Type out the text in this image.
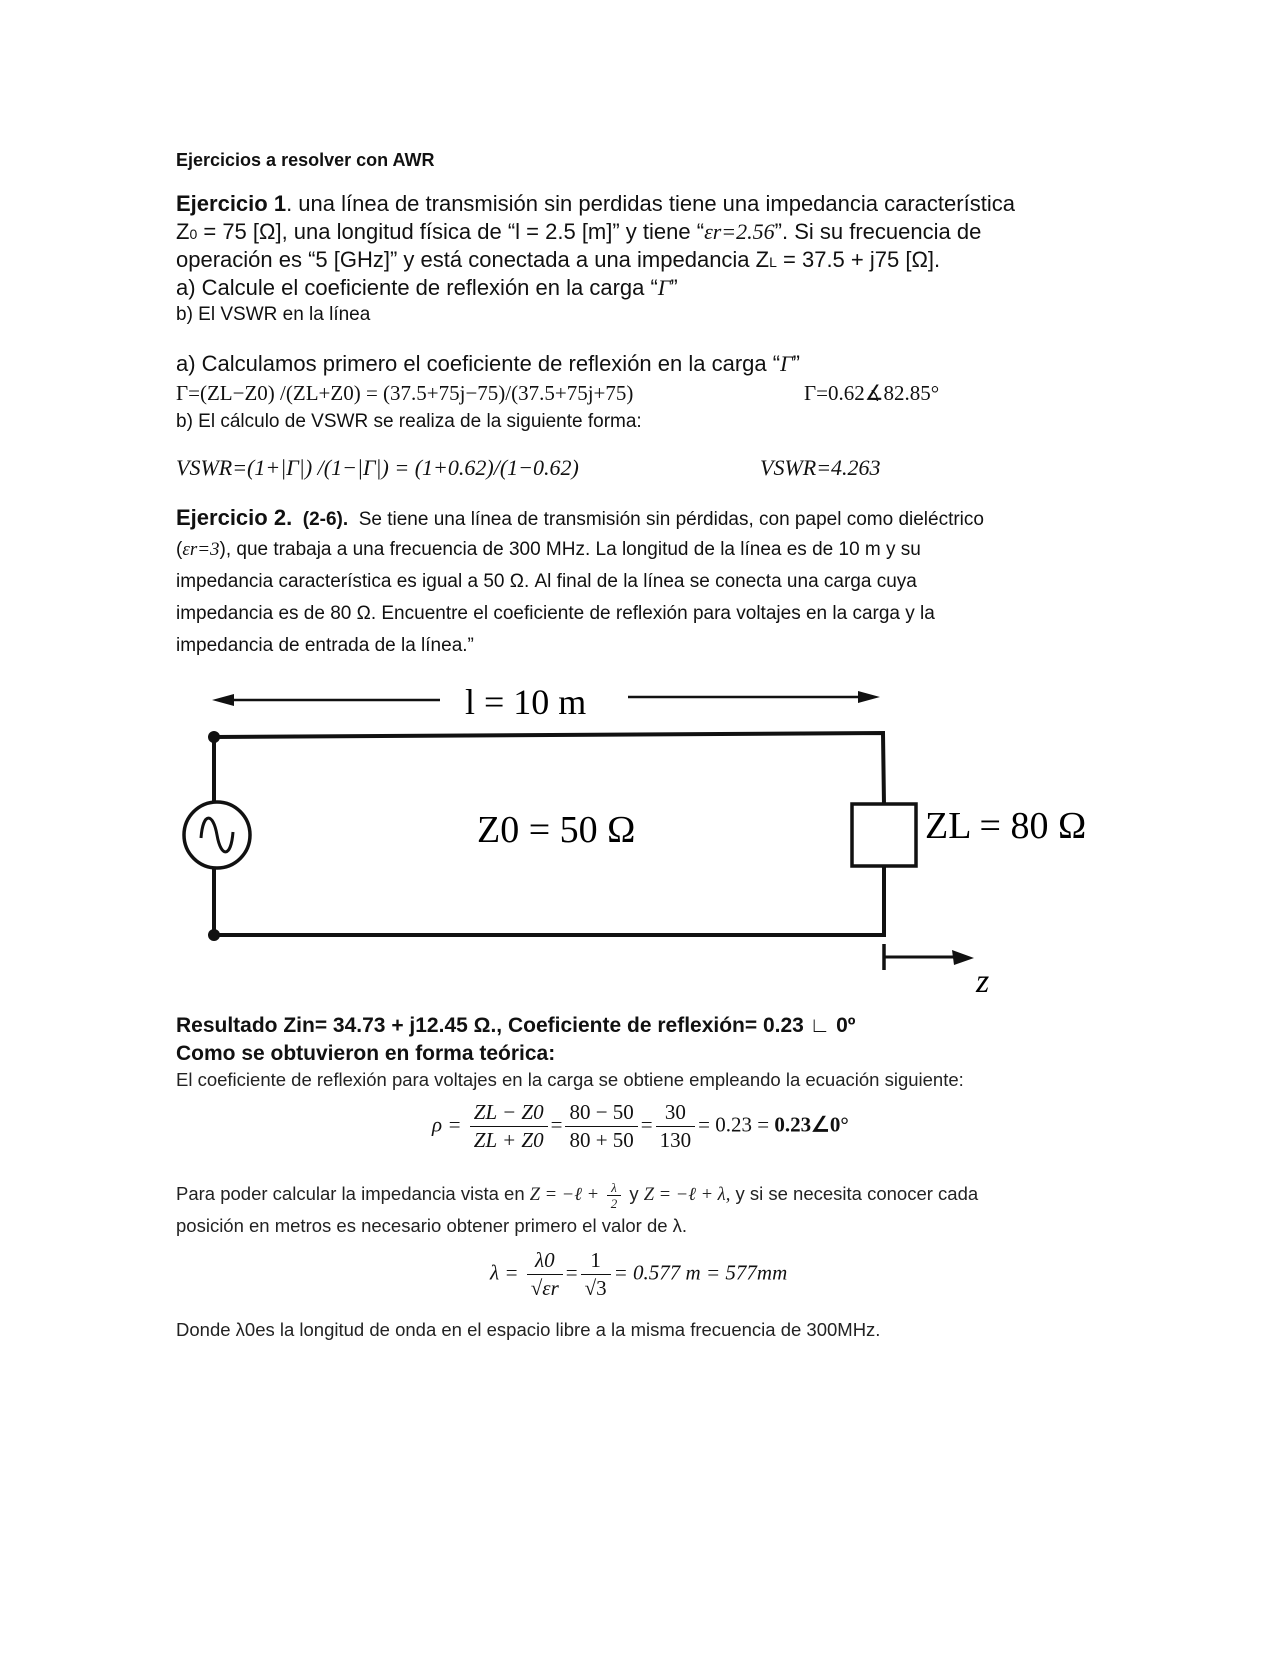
Ejercicios a resolver con AWR
Ejercicio 1. una línea de transmisión sin perdidas tiene una impedancia característica
Z0 = 75 [Ω], una longitud física de “l = 2.5 [m]” y tiene “εr=2.56”. Si su frecuencia de
operación es “5 [GHz]” y está conectada a una impedancia ZL = 37.5 + j75 [Ω].
a) Calcule el coeficiente de reflexión en la carga “Γ”
b) El VSWR en la línea
a) Calculamos primero el coeficiente de reflexión en la carga “Γ”
Γ=(ZL−Z0) /(ZL+Z0) = (37.5+75j−75)/(37.5+75j+75)	Γ=0.62∡82.85°
b) El cálculo de VSWR se realiza de la siguiente forma:
VSWR=(1+|Γ|) /(1−|Γ|) = (1+0.62)/(1−0.62)	VSWR=4.263
Ejercicio 2. (2-6). Se tiene una línea de transmisión sin pérdidas, con papel como dieléctrico
(εr=3), que trabaja a una frecuencia de 300 MHz. La longitud de la línea es de 10 m y su
impedancia característica es igual a 50 Ω. Al final de la línea se conecta una carga cuya
impedancia es de 80 Ω. Encuentre el coeficiente de reflexión para voltajes en la carga y la
impedancia de entrada de la línea.”
l = 10 m
Z0 = 50 Ω	ZL = 80 Ω
z
Resultado Zin= 34.73 + j12.45 Ω., Coeficiente de reflexión= 0.23 ∟ 0º
Como se obtuvieron en forma teórica:
El coeficiente de reflexión para voltajes en la carga se obtiene empleando la ecuación siguiente:
$\rho = \frac{ZL - Z0}{ZL + Z0} = \frac{80 - 50}{80 + 50} = \frac{30}{130} = 0.23$ = 0.23∠0°
Para poder calcular la impedancia vista en Z = −ℓ + $\frac{\lambda}{2}$ y Z = −ℓ + λ, y si se necesita conocer cada
posición en metros es necesario obtener primero el valor de λ.
$\lambda = \frac{\lambda 0}{√\varepsilon r} = \frac{1}{√3} = 0.577$ m = 577mm
Donde λ0es la longitud de onda en el espacio libre a la misma frecuencia de 300MHz.
